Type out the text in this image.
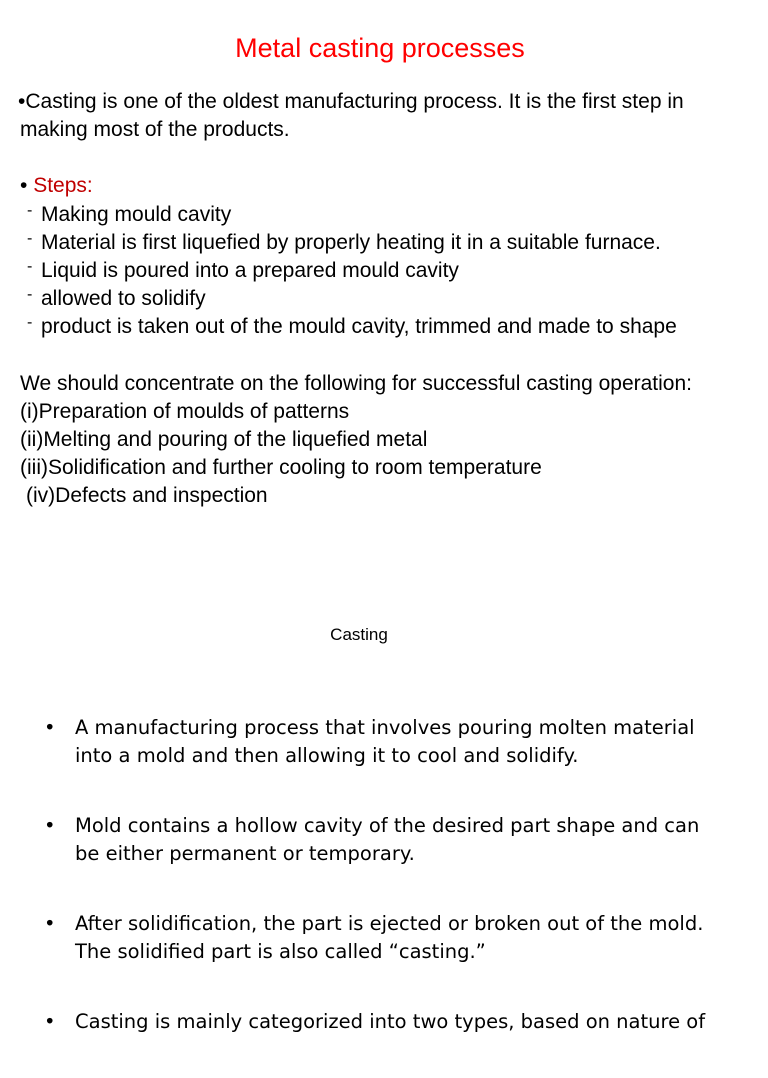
Metal casting processes

•Casting is one of the oldest manufacturing process. It is the first step in making most of the products.

• Steps:

- Making mould cavity
- Material is first liquefied by properly heating it in a suitable furnace.
- Liquid is poured into a prepared mould cavity
- allowed to solidify
- product is taken out of the mould cavity, trimmed and made to shape

We should concentrate on the following for successful casting operation:

(i)Preparation of moulds of patterns
(ii)Melting and pouring of the liquefied metal
(iii)Solidification and further cooling to room temperature
(iv)Defects and inspection

Casting

• A manufacturing process that involves pouring molten material into a mold and then allowing it to cool and solidify.
• Mold contains a hollow cavity of the desired part shape and can be either permanent or temporary.
• After solidification, the part is ejected or broken out of the mold. The solidified part is also called “casting.”
• Casting is mainly categorized into two types, based on nature of
